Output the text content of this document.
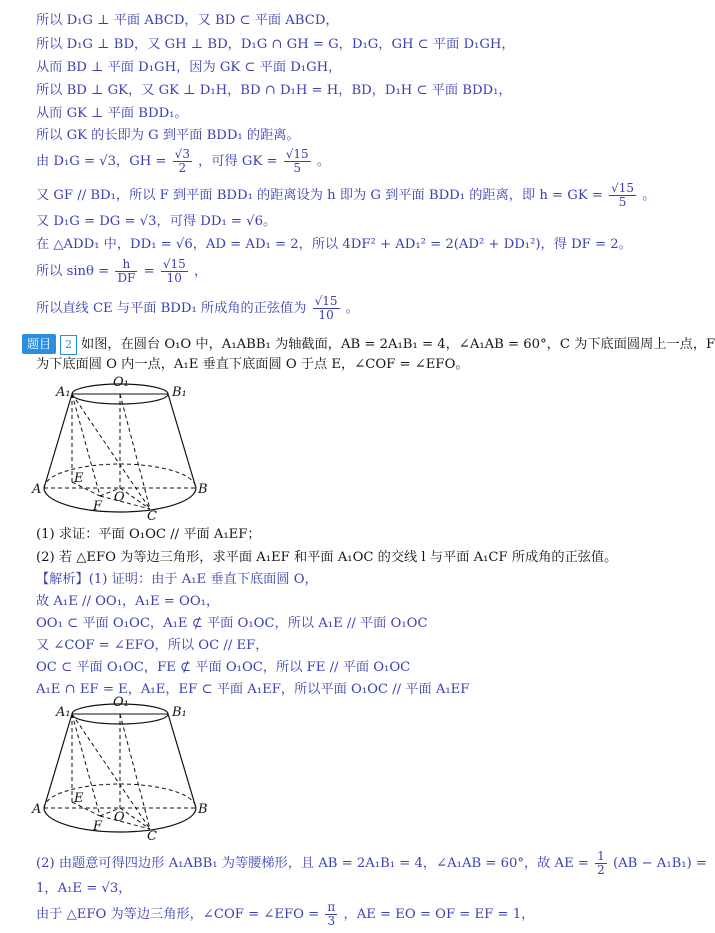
所以 D₁G ⊥ 平面 ABCD，又 BD ⊂ 平面 ABCD，
所以 D₁G ⊥ BD，又 GH ⊥ BD，D₁G ∩ GH = G，D₁G，GH ⊂ 平面 D₁GH，
从而 BD ⊥ 平面 D₁GH，因为 GK ⊂ 平面 D₁GH，
所以 BD ⊥ GK，又 GK ⊥ D₁H，BD ∩ D₁H = H，BD，D₁H ⊂ 平面 BDD₁，
从而 GK ⊥ 平面 BDD₁。
所以 GK 的长即为 G 到平面 BDD₁ 的距离。
由 D₁G = √3，GH = $\frac{√3}{2}$ ，可得 GK = $\frac{√15}{5}$ 。
又 GF // BD₁，所以 F 到平面 BDD₁ 的距离设为 h 即为 G 到平面 BDD₁ 的距离，即 h = GK = $\frac{√15}{5}$ 。
又 D₁G = DG = √3，可得 DD₁ = √6。
在 △ADD₁ 中，DD₁ = √6，AD = AD₁ = 2，所以 4DF² + AD₁² = 2(AD² + DD₁²)，得 DF = 2。
所以 $\sin\theta = \frac{h}{DF} = \frac{√15}{10}$ ，
所以直线 CE 与平面 BDD₁ 所成角的正弦值为 $\frac{√15}{10}$ 。
题目 2 如图，在圆台 O₁O 中，A₁ABB₁ 为轴截面，AB = 2A₁B₁ = 4，∠A₁AB = 60°，C 为下底面圆周上一点，F
为下底面圆 O 内一点，A₁E 垂直下底面圆 O 于点 E，∠COF = ∠EFO。
A₁
O₁
B₁
A	B
E
O
F
C
(1) 求证：平面 O₁OC // 平面 A₁EF；
(2) 若 △EFO 为等边三角形，求平面 A₁EF 和平面 A₁OC 的交线 l 与平面 A₁CF 所成角的正弦值。
【解析】(1) 证明：由于 A₁E 垂直下底面圆 O，
故 A₁E // OO₁，A₁E = OO₁，
OO₁ ⊂ 平面 O₁OC，A₁E ⊄ 平面 O₁OC，所以 A₁E // 平面 O₁OC
又 ∠COF = ∠EFO，所以 OC // EF，
OC ⊂ 平面 O₁OC，FE ⊄ 平面 O₁OC，所以 FE // 平面 O₁OC
A₁E ∩ EF = E，A₁E，EF ⊂ 平面 A₁EF，所以平面 O₁OC // 平面 A₁EF
A₁
O₁
B₁
A	B
E
O
F
C
(2) 由题意可得四边形 A₁ABB₁ 为等腰梯形，且 AB = 2A₁B₁ = 4，∠A₁AB = 60°，故 AE = $\frac{1}{2} (AB - A_1B_1)$ =
1，A₁E = √3，
由于 △EFO 为等边三角形，∠COF = ∠EFO = $\frac{\pi}{3}$ ，AE = EO = OF = EF = 1，
